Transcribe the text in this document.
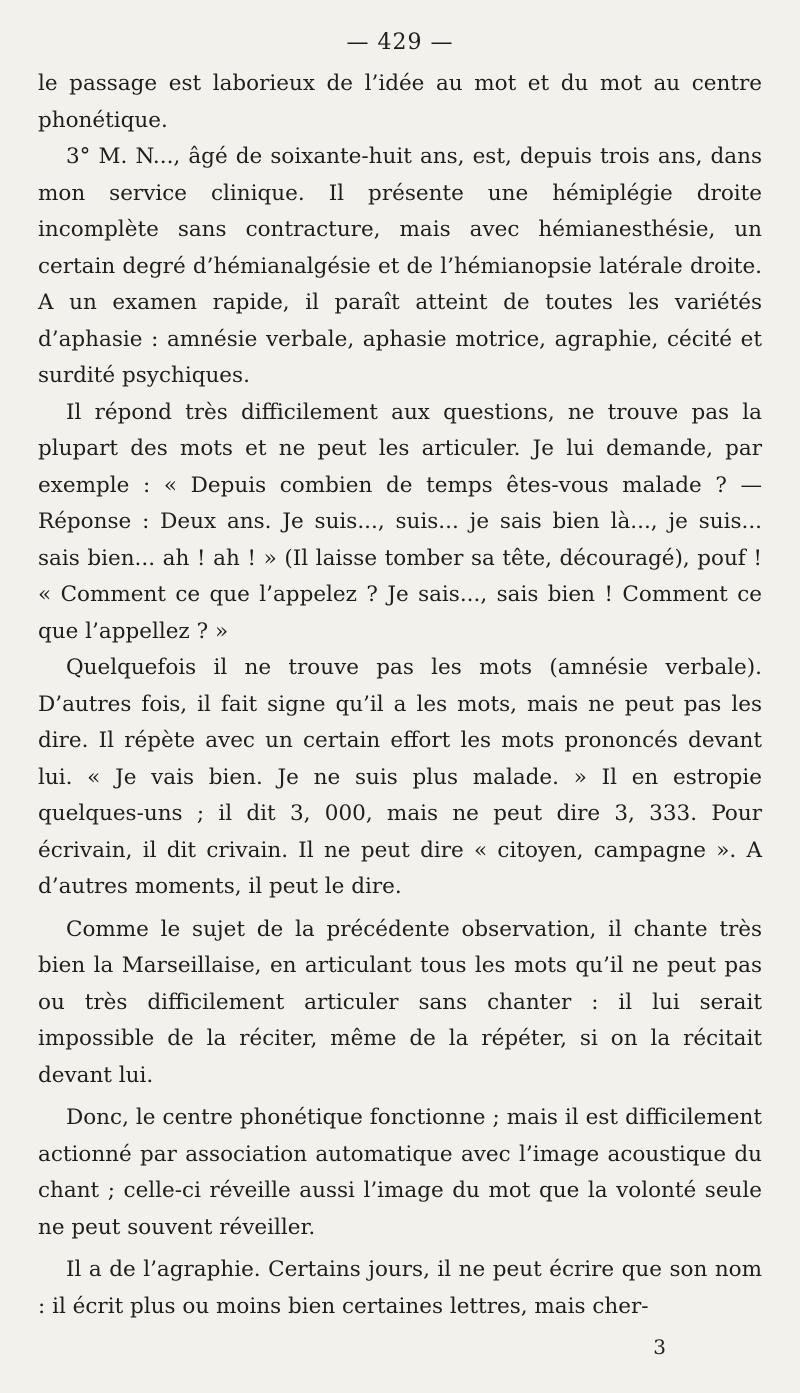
— 429 —

le passage est laborieux de l’idée au mot et du mot au centre phonétique.

3° M. N..., âgé de soixante-huit ans, est, depuis trois ans, dans mon service clinique. Il présente une hémiplégie droite incomplète sans contracture, mais avec hémianesthésie, un certain degré d’hémianalgésie et de l’hémianopsie latérale droite. A un examen rapide, il paraît atteint de toutes les variétés d’aphasie : amnésie verbale, aphasie motrice, agraphie, cécité et surdité psychiques.

Il répond très difficilement aux questions, ne trouve pas la plupart des mots et ne peut les articuler. Je lui demande, par exemple : « Depuis combien de temps êtes-vous malade ? — Réponse : Deux ans. Je suis..., suis... je sais bien là..., je suis... sais bien... ah ! ah ! » (Il laisse tomber sa tête, découragé), pouf ! « Comment ce que l’appelez ? Je sais..., sais bien ! Comment ce que l’appellez ? »

Quelquefois il ne trouve pas les mots (amnésie verbale). D’autres fois, il fait signe qu’il a les mots, mais ne peut pas les dire. Il répète avec un certain effort les mots prononcés devant lui. « Je vais bien. Je ne suis plus malade. » Il en estropie quelques-uns ; il dit 3, 000, mais ne peut dire 3, 333. Pour écrivain, il dit crivain. Il ne peut dire « citoyen, campagne ». A d’autres moments, il peut le dire.

Comme le sujet de la précédente observation, il chante très bien la Marseillaise, en articulant tous les mots qu’il ne peut pas ou très difficilement articuler sans chanter : il lui serait impossible de la réciter, même de la répéter, si on la récitait devant lui.

Donc, le centre phonétique fonctionne ; mais il est difficilement actionné par association automatique avec l’image acoustique du chant ; celle-ci réveille aussi l’image du mot que la volonté seule ne peut souvent réveiller.

Il a de l’agraphie. Certains jours, il ne peut écrire que son nom : il écrit plus ou moins bien certaines lettres, mais cher-

3
